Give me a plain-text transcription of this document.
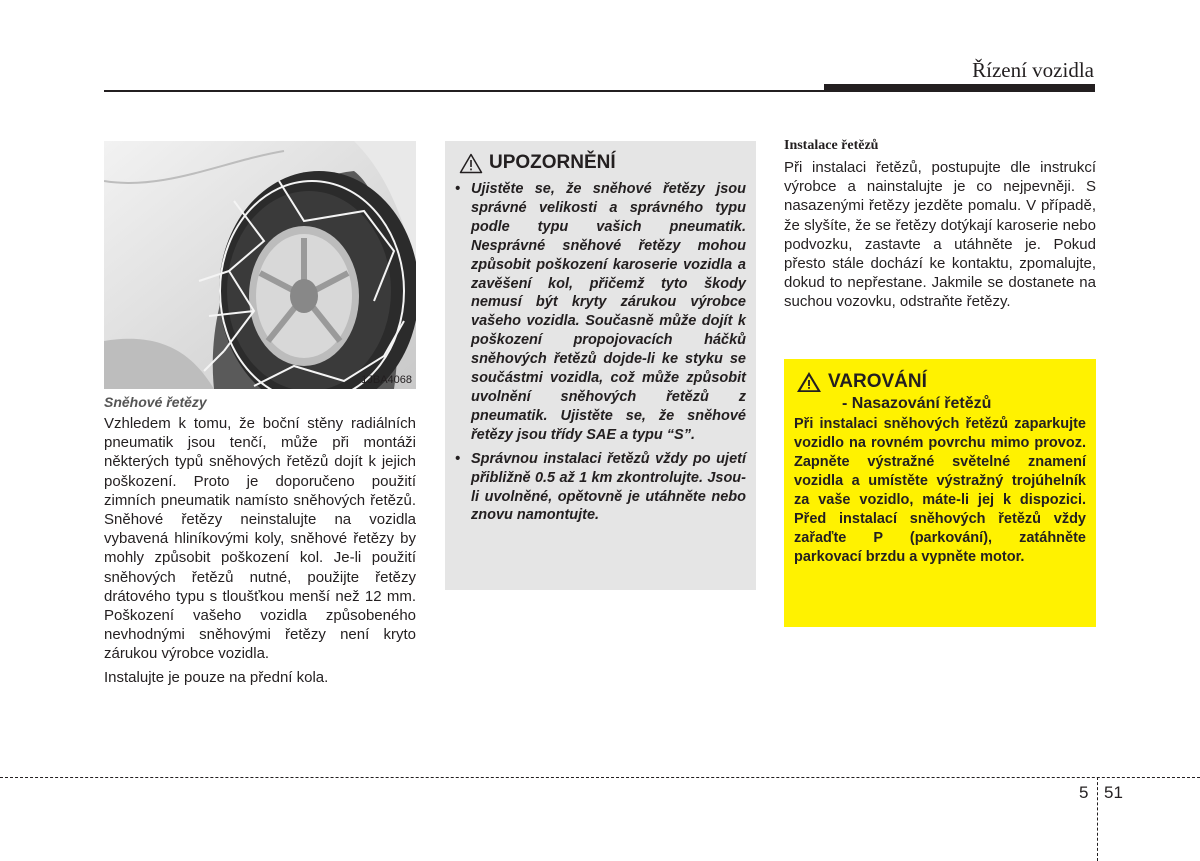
Řízení vozidla
1JBA4068

Sněhové řetězy

Vzhledem k tomu, že boční stěny radiálních pneumatik jsou tenčí, může při montáži některých typů sněhových řetězů dojít k jejich poškození. Proto je doporučeno použití zimních pneumatik namísto sněhových řetězů. Sněhové řetězy neinstalujte na vozidla vybavená hliníkovými koly, sněhové řetězy by mohly způsobit poškození kol. Je-li použití sněhových řetězů nutné, použijte řetězy drátového typu s tloušťkou menší než 12 mm. Poškození vašeho vozidla způsobeného nevhodnými sněhovými řetězy není kryto zárukou výrobce vozidla.

Instalujte je pouze na přední kola.

UPOZORNĚNÍ
• Ujistěte se, že sněhové řetězy jsou správné velikosti a správného typu podle typu vašich pneumatik. Nesprávné sněhové řetězy mohou způsobit poškození karoserie vozidla a zavěšení kol, přičemž tyto škody nemusí být kryty zárukou výrobce vašeho vozidla. Současně může dojít k poškození propojovacích háčků sněhových řetězů dojde-li ke styku se součástmi vozidla, což může způsobit uvolnění sněhových řetězů z pneumatik. Ujistěte se, že sněhové řetězy jsou třídy SAE a typu “S”.
• Správnou instalaci řetězů vždy po ujetí přibližně 0.5 až 1 km zkontrolujte. Jsou-li uvolněné, opětovně je utáhněte nebo znovu namontujte.

Instalace řetězů

Při instalaci řetězů, postupujte dle instrukcí výrobce a nainstalujte je co nejpevněji. S nasazenými řetězy jezděte pomalu. V případě, že slyšíte, že se řetězy dotýkají karoserie nebo podvozku, zastavte a utáhněte je. Pokud přesto stále dochází ke kontaktu, zpomalujte, dokud to nepřestane. Jakmile se dostanete na suchou vozovku, odstraňte řetězy.

VAROVÁNÍ
- Nasazování řetězů

Při instalaci sněhových řetězů zaparkujte vozidlo na rovném povrchu mimo provoz. Zapněte výstražné světelné znamení vozidla a umístěte výstražný trojúhelník za vaše vozidlo, máte-li jej k dispozici. Před instalací sněhových řetězů vždy zařaďte P (parkování), zatáhněte parkovací brzdu a vypněte motor.

5 51
